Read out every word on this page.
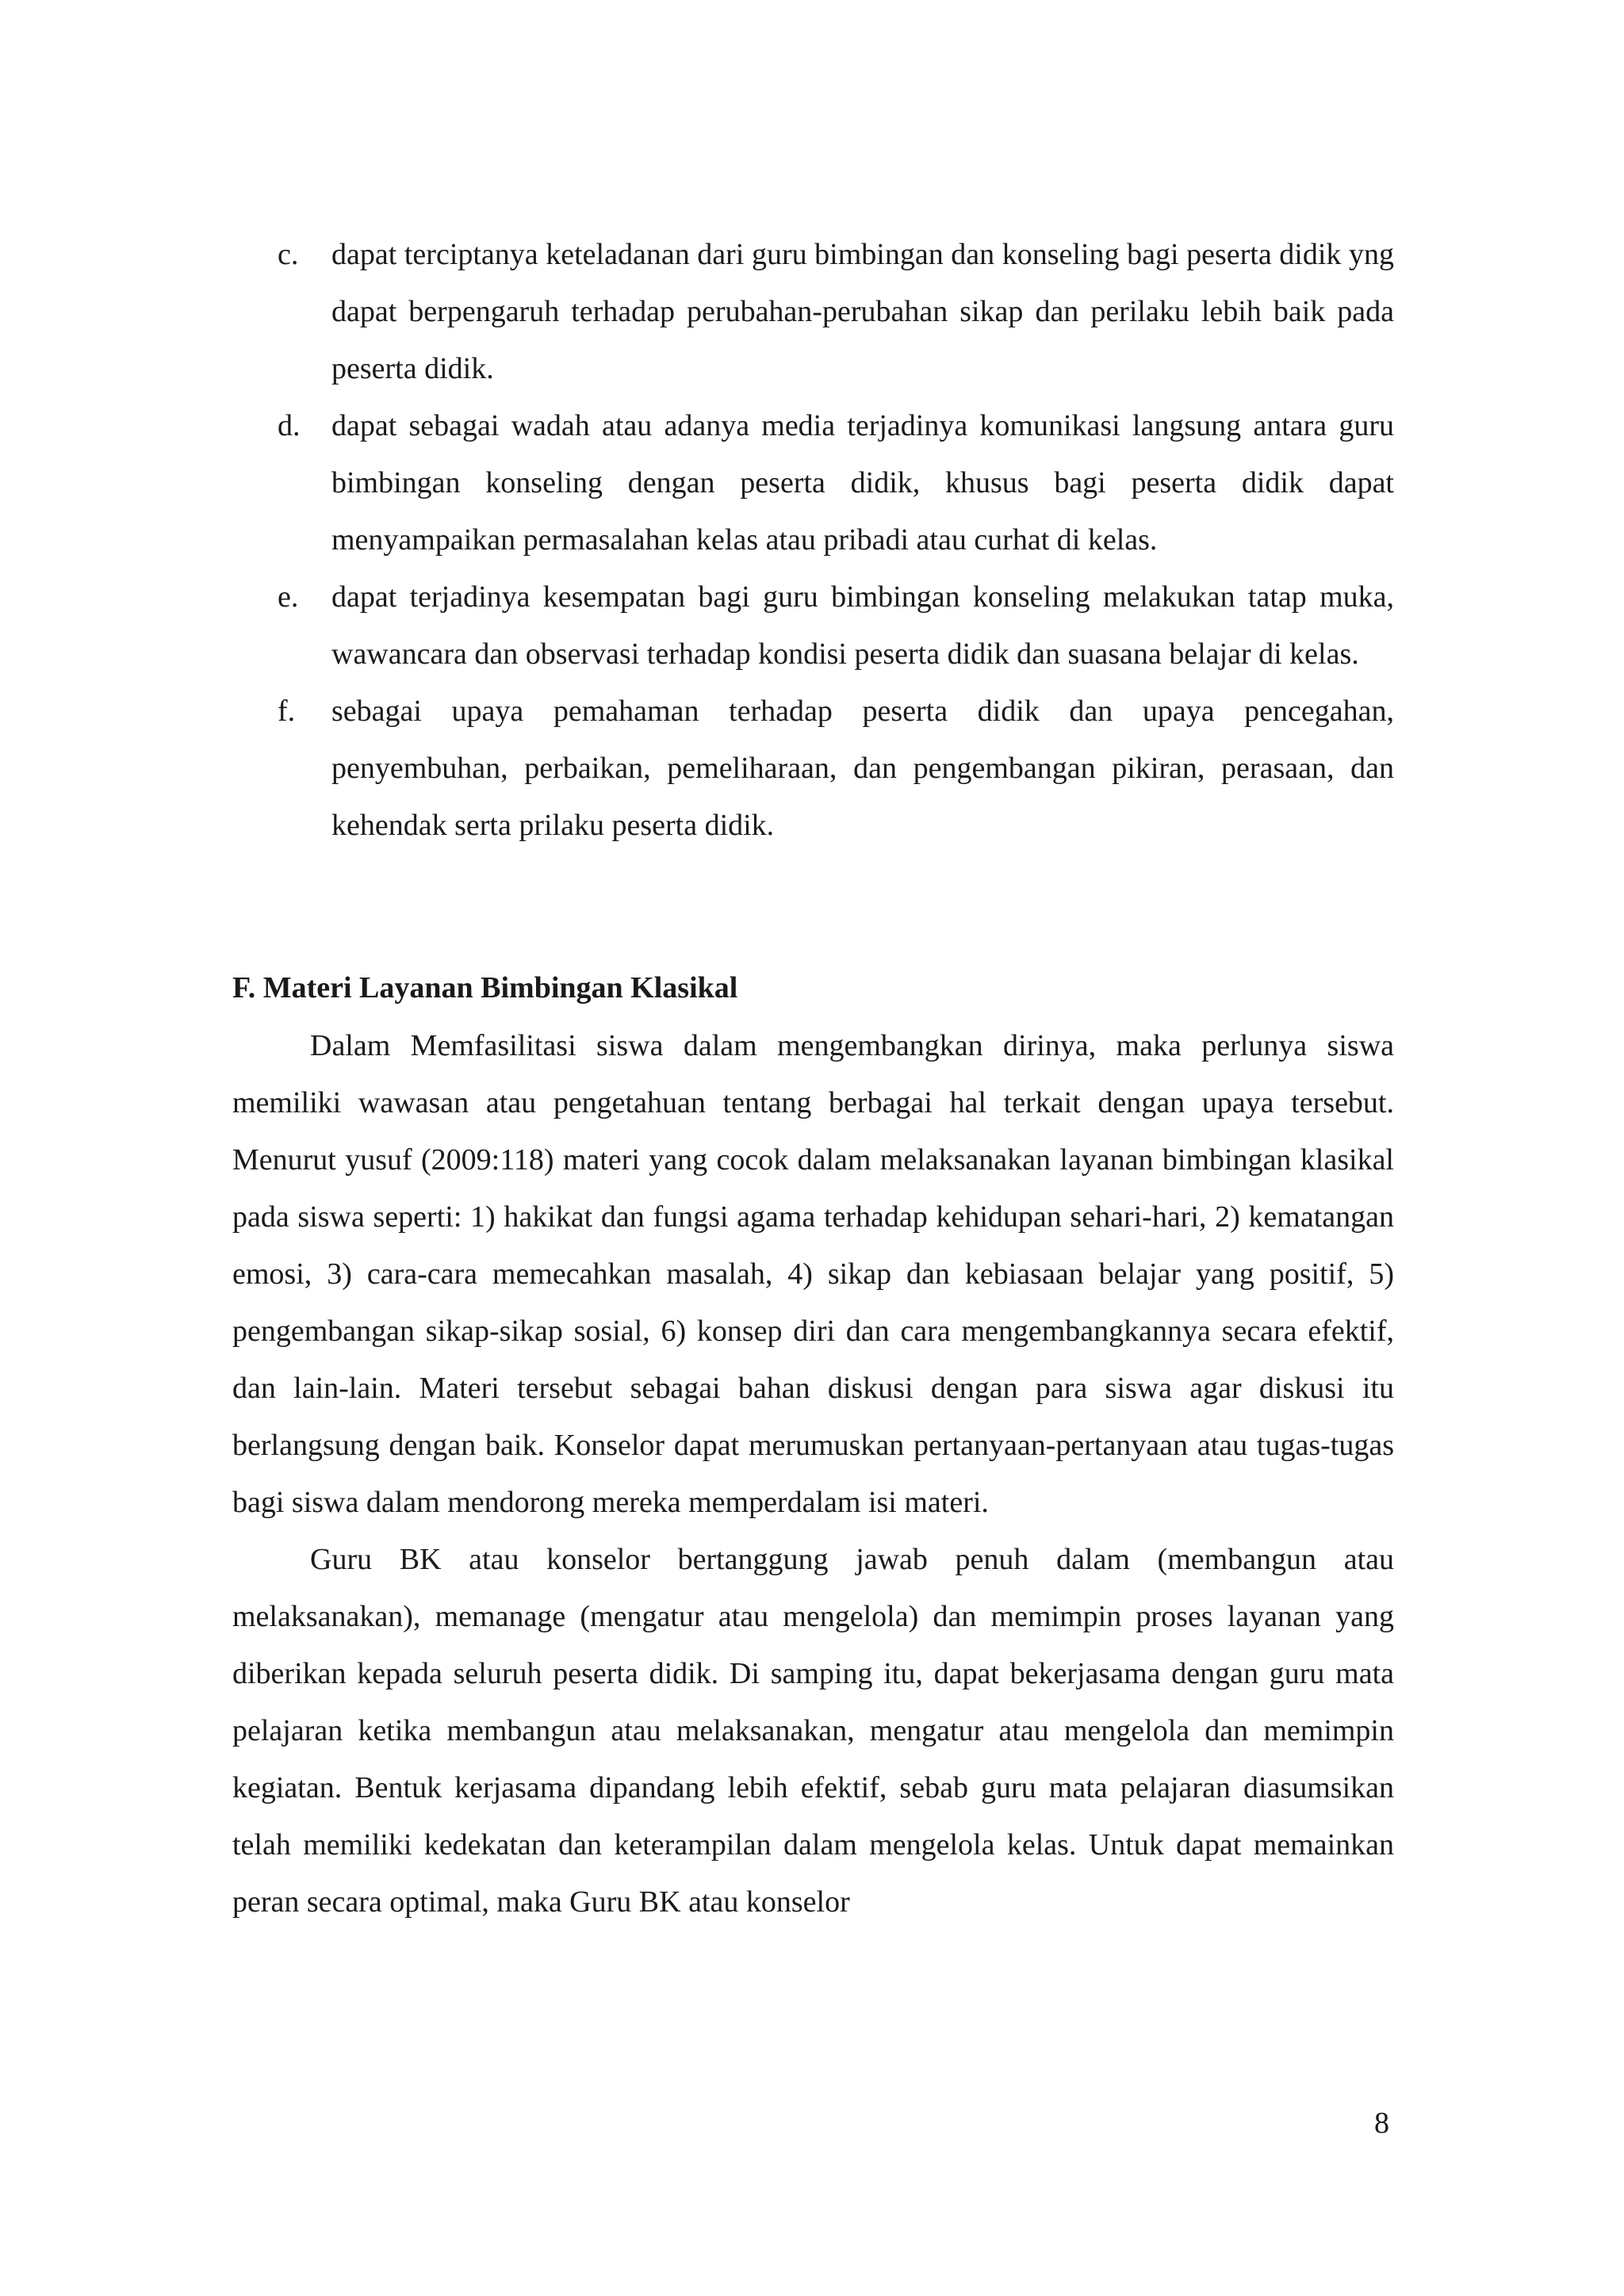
c. dapat terciptanya keteladanan dari guru bimbingan dan konseling bagi peserta didik yng dapat berpengaruh terhadap perubahan-perubahan sikap dan perilaku lebih baik pada peserta didik.
d. dapat sebagai wadah atau adanya media terjadinya komunikasi langsung antara guru bimbingan konseling dengan peserta didik, khusus bagi peserta didik dapat menyampaikan permasalahan kelas atau pribadi atau curhat di kelas.
e. dapat terjadinya kesempatan bagi guru bimbingan konseling melakukan tatap muka, wawancara dan observasi terhadap kondisi peserta didik dan suasana belajar di kelas.
f. sebagai upaya pemahaman terhadap peserta didik dan upaya pencegahan, penyembuhan, perbaikan, pemeliharaan, dan pengembangan pikiran, perasaan, dan kehendak serta prilaku peserta didik.
F. Materi Layanan Bimbingan Klasikal

Dalam Memfasilitasi siswa dalam mengembangkan dirinya, maka perlunya siswa memiliki wawasan atau pengetahuan tentang berbagai hal terkait dengan upaya tersebut. Menurut yusuf (2009:118) materi yang cocok dalam melaksanakan layanan bimbingan klasikal pada siswa seperti: 1) hakikat dan fungsi agama terhadap kehidupan sehari-hari, 2) kematangan emosi, 3) cara-cara memecahkan masalah, 4) sikap dan kebiasaan belajar yang positif, 5) pengembangan sikap-sikap sosial, 6) konsep diri dan cara mengembangkannya secara efektif, dan lain-lain. Materi tersebut sebagai bahan diskusi dengan para siswa agar diskusi itu berlangsung dengan baik. Konselor dapat merumuskan pertanyaan-pertanyaan atau tugas-tugas bagi siswa dalam mendorong mereka memperdalam isi materi.

Guru BK atau konselor bertanggung jawab penuh dalam (membangun atau melaksanakan), memanage (mengatur atau mengelola) dan memimpin proses layanan yang diberikan kepada seluruh peserta didik. Di samping itu, dapat bekerjasama dengan guru mata pelajaran ketika membangun atau melaksanakan, mengatur atau mengelola dan memimpin kegiatan. Bentuk kerjasama dipandang lebih efektif, sebab guru mata pelajaran diasumsikan telah memiliki kedekatan dan keterampilan dalam mengelola kelas. Untuk dapat memainkan peran secara optimal, maka Guru BK atau konselor

8
